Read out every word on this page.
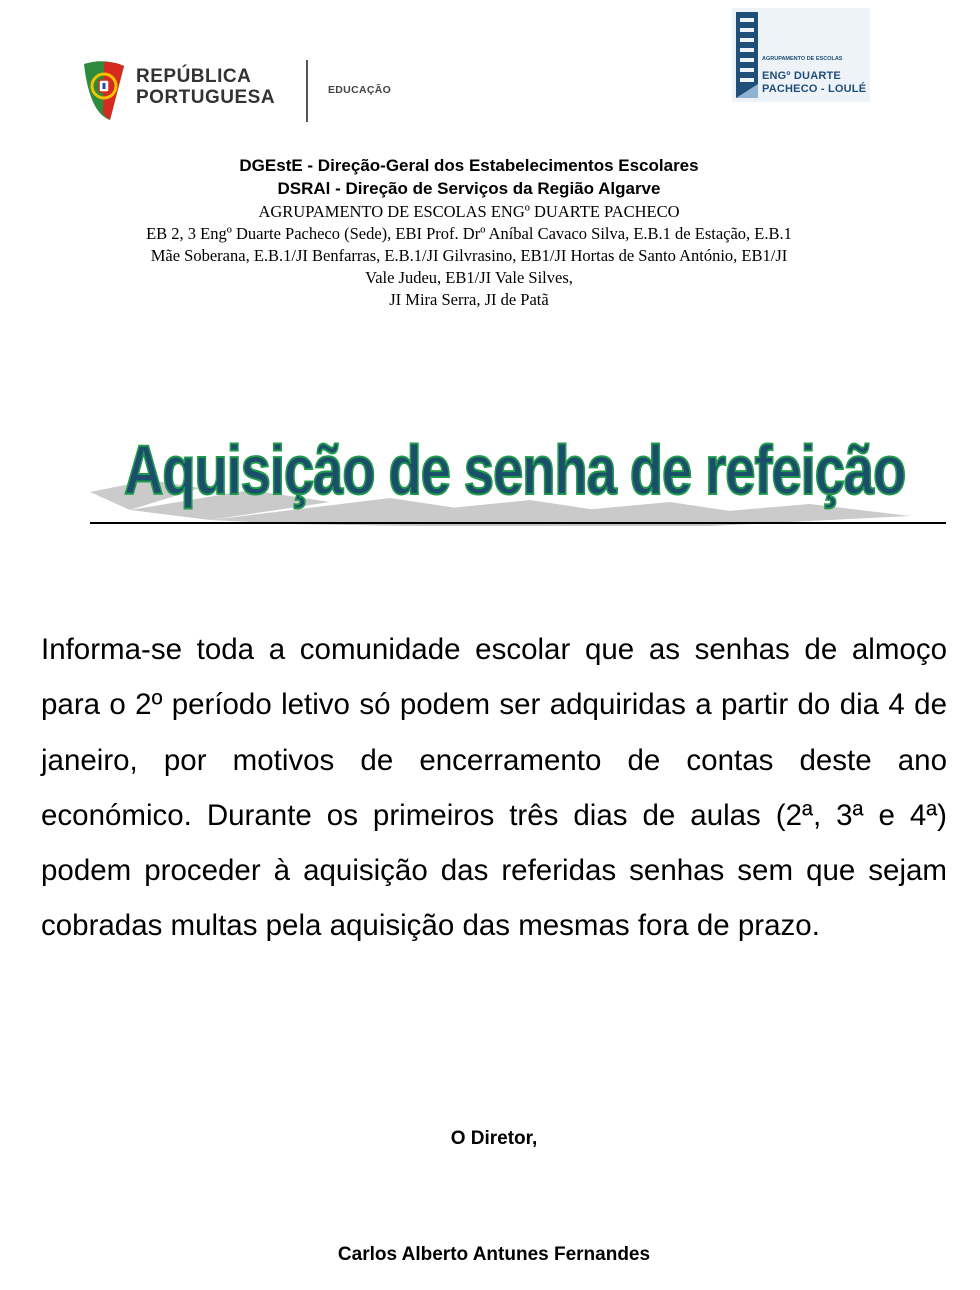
REPÚBLICA
PORTUGUESA	EDUCAÇÃO
AGRUPAMENTO DE ESCOLAS
ENGº DUARTE
PACHECO - LOULÉ
DGEstE - Direção-Geral dos Estabelecimentos Escolares
DSRAl - Direção de Serviços da Região Algarve
AGRUPAMENTO DE ESCOLAS ENGº DUARTE PACHECO
EB 2, 3 Engº Duarte Pacheco (Sede), EBI Prof. Drº Aníbal Cavaco Silva, E.B.1 de Estação, E.B.1
Mãe Soberana, E.B.1/JI Benfarras, E.B.1/JI Gilvrasino, EB1/JI Hortas de Santo António, EB1/JI
Vale Judeu, EB1/JI Vale Silves,
JI Mira Serra, JI de Patã
Aquisição de senha de refeição
Informa-se toda a comunidade escolar que as senhas de almoço para o 2º período letivo só podem ser adquiridas a partir do dia 4 de janeiro, por motivos de encerramento de contas deste ano económico. Durante os primeiros três dias de aulas (2ª, 3ª e 4ª) podem proceder à aquisição das referidas senhas sem que sejam cobradas multas pela aquisição das mesmas fora de prazo.
O Diretor,
Carlos Alberto Antunes Fernandes
